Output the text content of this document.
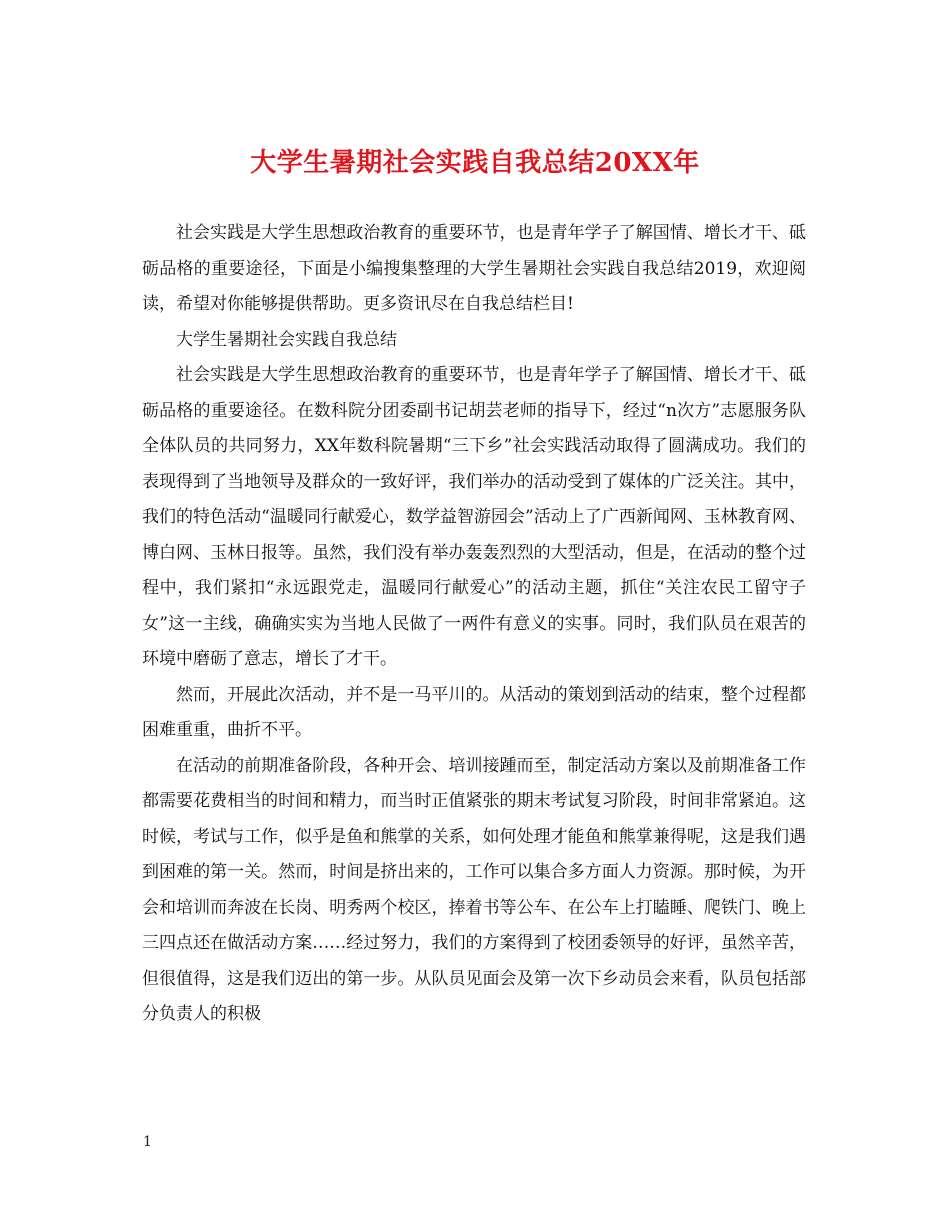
大学生暑期社会实践自我总结20XX年

社会实践是大学生思想政治教育的重要环节，也是青年学子了解国情、增长才干、砥砺品格的重要途径，下面是小编搜集整理的大学生暑期社会实践自我总结2019，欢迎阅读，希望对你能够提供帮助。更多资讯尽在自我总结栏目!

大学生暑期社会实践自我总结

社会实践是大学生思想政治教育的重要环节，也是青年学子了解国情、增长才干、砥砺品格的重要途径。在数科院分团委副书记胡芸老师的指导下，经过“n次方”志愿服务队全体队员的共同努力，XX年数科院暑期“三下乡”社会实践活动取得了圆满成功。我们的表现得到了当地领导及群众的一致好评，我们举办的活动受到了媒体的广泛关注。其中，我们的特色活动“温暖同行献爱心，数学益智游园会”活动上了广西新闻网、玉林教育网、博白网、玉林日报等。虽然，我们没有举办轰轰烈烈的大型活动，但是，在活动的整个过程中，我们紧扣“永远跟党走，温暖同行献爱心”的活动主题，抓住“关注农民工留守子女”这一主线，确确实实为当地人民做了一两件有意义的实事。同时，我们队员在艰苦的环境中磨砺了意志，增长了才干。

然而，开展此次活动，并不是一马平川的。从活动的策划到活动的结束，整个过程都困难重重，曲折不平。

在活动的前期准备阶段，各种开会、培训接踵而至，制定活动方案以及前期准备工作都需要花费相当的时间和精力，而当时正值紧张的期末考试复习阶段，时间非常紧迫。这时候，考试与工作，似乎是鱼和熊掌的关系，如何处理才能鱼和熊掌兼得呢，这是我们遇到困难的第一关。然而，时间是挤出来的，工作可以集合多方面人力资源。那时候，为开会和培训而奔波在长岗、明秀两个校区，捧着书等公车、在公车上打瞌睡、爬铁门、晚上三四点还在做活动方案……经过努力，我们的方案得到了校团委领导的好评，虽然辛苦，但很值得，这是我们迈出的第一步。从队员见面会及第一次下乡动员会来看，队员包括部分负责人的积极

1
